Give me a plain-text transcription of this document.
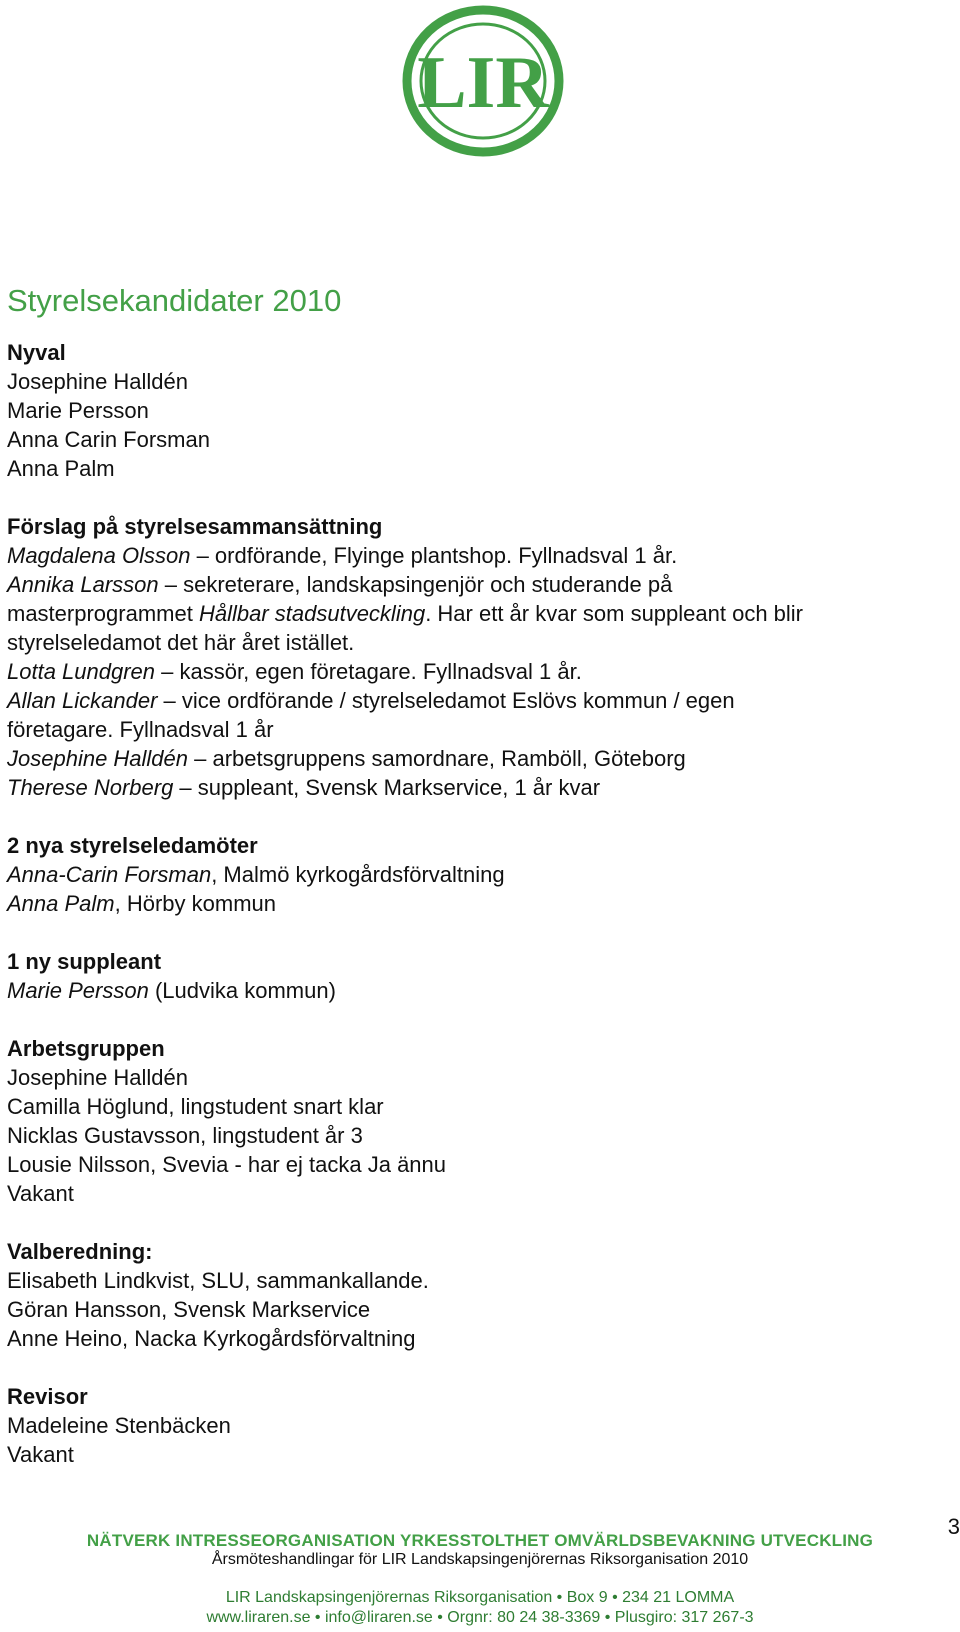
LIR
Styrelsekandidater 2010

Nyval

Josephine Halldén

Marie Persson

Anna Carin Forsman

Anna Palm

Förslag på styrelsesammansättning

Magdalena Olsson – ordförande, Flyinge plantshop. Fyllnadsval 1 år.

Annika Larsson – sekreterare, landskapsingenjör och studerande på

masterprogrammet Hållbar stadsutveckling. Har ett år kvar som suppleant och blir

styrelseledamot det här året istället.

Lotta Lundgren – kassör, egen företagare. Fyllnadsval 1 år.

Allan Lickander – vice ordförande / styrelseledamot Eslövs kommun / egen

företagare. Fyllnadsval 1 år

Josephine Halldén – arbetsgruppens samordnare, Ramböll, Göteborg

Therese Norberg – suppleant, Svensk Markservice, 1 år kvar

2 nya styrelseledamöter

Anna-Carin Forsman, Malmö kyrkogårdsförvaltning

Anna Palm, Hörby kommun

1 ny suppleant

Marie Persson (Ludvika kommun)

Arbetsgruppen

Josephine Halldén

Camilla Höglund, lingstudent snart klar

Nicklas Gustavsson, lingstudent år 3

Lousie Nilsson, Svevia - har ej tacka Ja ännu

Vakant

Valberedning:

Elisabeth Lindkvist, SLU, sammankallande.

Göran Hansson, Svensk Markservice

Anne Heino, Nacka Kyrkogårdsförvaltning

Revisor

Madeleine Stenbäcken

Vakant

3
NÄTVERK INTRESSEORGANISATION YRKESSTOLTHET OMVÄRLDSBEVAKNING UTVECKLING
Årsmöteshandlingar för LIR Landskapsingenjörernas Riksorganisation 2010
LIR Landskapsingenjörernas Riksorganisation • Box 9 • 234 21 LOMMA
www.liraren.se • info@liraren.se • Orgnr: 80 24 38-3369 • Plusgiro: 317 267-3
